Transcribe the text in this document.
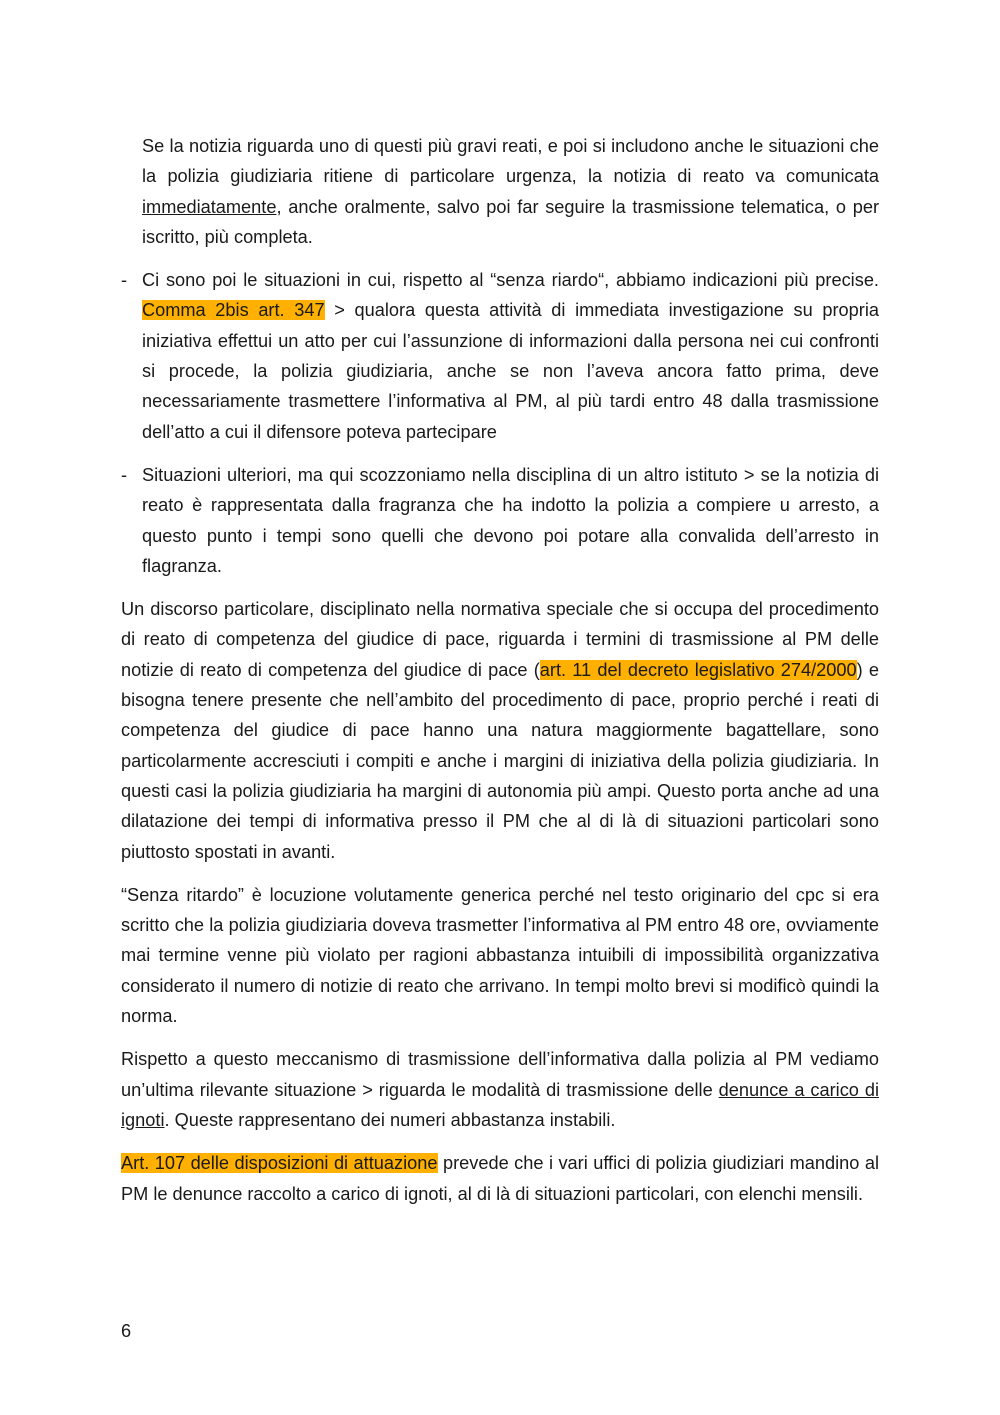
Se la notizia riguarda uno di questi più gravi reati, e poi si includono anche le situazioni che la polizia giudiziaria ritiene di particolare urgenza, la notizia di reato va comunicata immediatamente, anche oralmente, salvo poi far seguire la trasmissione telematica, o per iscritto, più completa.

- Ci sono poi le situazioni in cui, rispetto al “senza riardo“, abbiamo indicazioni più precise. Comma 2bis art. 347 > qualora questa attività di immediata investigazione su propria iniziativa effettui un atto per cui l’assunzione di informazioni dalla persona nei cui confronti si procede, la polizia giudiziaria, anche se non l’aveva ancora fatto prima, deve necessariamente trasmettere l’informativa al PM, al più tardi entro 48 dalla trasmissione dell’atto a cui il difensore poteva partecipare

- Situazioni ulteriori, ma qui scozzoniamo nella disciplina di un altro istituto > se la notizia di reato è rappresentata dalla fragranza che ha indotto la polizia a compiere u arresto, a questo punto i tempi sono quelli che devono poi potare alla convalida dell’arresto in flagranza.

Un discorso particolare, disciplinato nella normativa speciale che si occupa del procedimento di reato di competenza del giudice di pace, riguarda i termini di trasmissione al PM delle notizie di reato di competenza del giudice di pace (art. 11 del decreto legislativo 274/2000) e bisogna tenere presente che nell’ambito del procedimento di pace, proprio perché i reati di competenza del giudice di pace hanno una natura maggiormente bagattellare, sono particolarmente accresciuti i compiti e anche i margini di iniziativa della polizia giudiziaria. In questi casi la polizia giudiziaria ha margini di autonomia più ampi. Questo porta anche ad una dilatazione dei tempi di informativa presso il PM che al di là di situazioni particolari sono piuttosto spostati in avanti.

“Senza ritardo” è locuzione volutamente generica perché nel testo originario del cpc si era scritto che la polizia giudiziaria doveva trasmetter l’informativa al PM entro 48 ore, ovviamente mai termine venne più violato per ragioni abbastanza intuibili di impossibilità organizzativa considerato il numero di notizie di reato che arrivano. In tempi molto brevi si modificò quindi la norma.

Rispetto a questo meccanismo di trasmissione dell’informativa dalla polizia al PM vediamo un’ultima rilevante situazione > riguarda le modalità di trasmissione delle denunce a carico di ignoti. Queste rappresentano dei numeri abbastanza instabili.

Art. 107 delle disposizioni di attuazione prevede che i vari uffici di polizia giudiziari mandino al PM le denunce raccolto a carico di ignoti, al di là di situazioni particolari, con elenchi mensili.

6
